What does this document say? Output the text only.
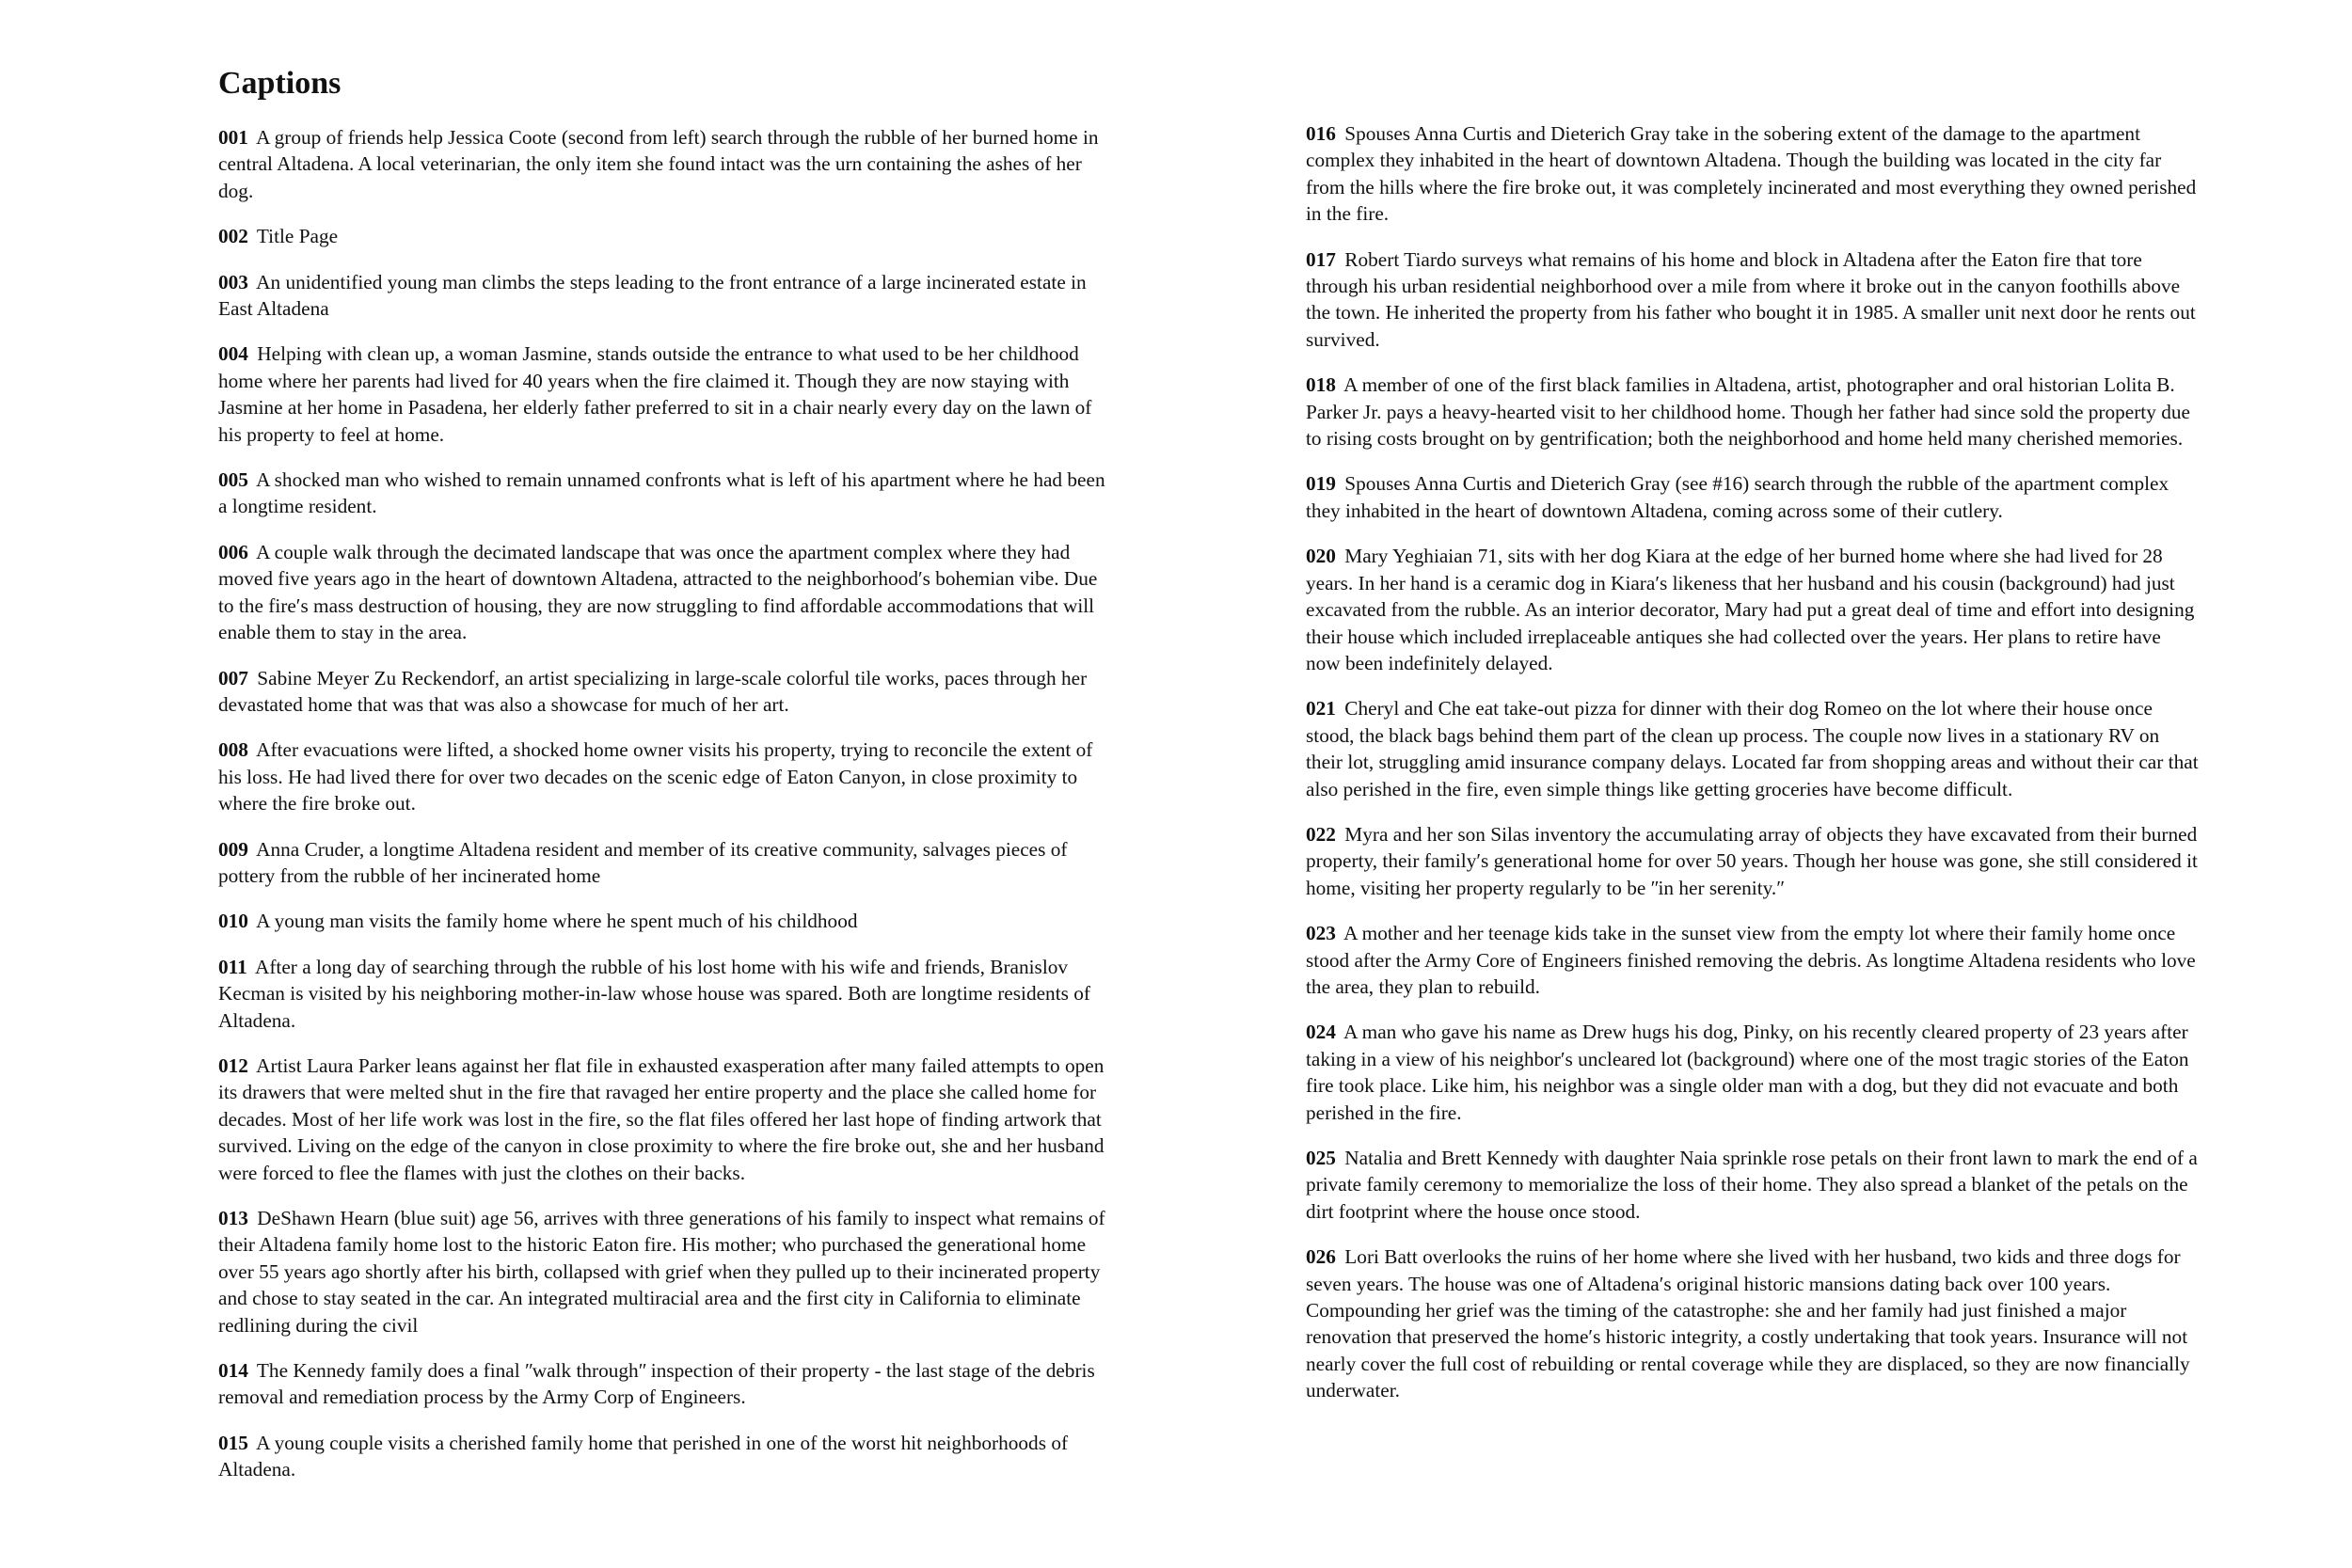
Captions

001 A group of friends help Jessica Coote (second from left) search through the rubble of her burned home in central Altadena. A local veterinarian, the only item she found intact was the urn containing the ashes of her dog.

002 Title Page

003 An unidentified young man climbs the steps leading to the front entrance of a large incinerated estate in East Altadena

004 Helping with clean up, a woman Jasmine, stands outside the entrance to what used to be her childhood home where her parents had lived for 40 years when the fire claimed it. Though they are now staying with Jasmine at her home in Pasadena, her elderly father preferred to sit in a chair nearly every day on the lawn of his property to feel at home.

005 A shocked man who wished to remain unnamed confronts what is left of his apartment where he had been a longtime resident.

006 A couple walk through the decimated landscape that was once the apartment complex where they had moved five years ago in the heart of downtown Altadena, attracted to the neighborhood′s bohemian vibe. Due to the fire′s mass destruction of housing, they are now struggling to find affordable accommodations that will enable them to stay in the area.

007 Sabine Meyer Zu Reckendorf, an artist specializing in large-scale colorful tile works, paces through her devastated home that was that was also a showcase for much of her art.

008 After evacuations were lifted, a shocked home owner visits his property, trying to reconcile the extent of his loss. He had lived there for over two decades on the scenic edge of Eaton Canyon, in close proximity to where the fire broke out.

009 Anna Cruder, a longtime Altadena resident and member of its creative community, salvages pieces of pottery from the rubble of her incinerated home

010 A young man visits the family home where he spent much of his childhood

011 After a long day of searching through the rubble of his lost home with his wife and friends, Branislov Kecman is visited by his neighboring mother-in-law whose house was spared. Both are longtime residents of Altadena.

012 Artist Laura Parker leans against her flat file in exhausted exasperation after many failed attempts to open its drawers that were melted shut in the fire that ravaged her entire property and the place she called home for decades. Most of her life work was lost in the fire, so the flat files offered her last hope of finding artwork that survived. Living on the edge of the canyon in close proximity to where the fire broke out, she and her husband were forced to flee the flames with just the clothes on their backs.

013 DeShawn Hearn (blue suit) age 56, arrives with three generations of his family to inspect what remains of their Altadena family home lost to the historic Eaton fire. His mother; who purchased the generational home over 55 years ago shortly after his birth, collapsed with grief when they pulled up to their incinerated property and chose to stay seated in the car. An integrated multiracial area and the first city in California to eliminate redlining during the civil

014 The Kennedy family does a final ʺwalk throughʺ inspection of their property - the last stage of the debris removal and remediation process by the Army Corp of Engineers.

015 A young couple visits a cherished family home that perished in one of the worst hit neighborhoods of Altadena.

016 Spouses Anna Curtis and Dieterich Gray take in the sobering extent of the damage to the apartment complex they inhabited in the heart of downtown Altadena. Though the building was located in the city far from the hills where the fire broke out, it was completely incinerated and most everything they owned perished in the fire.

017 Robert Tiardo surveys what remains of his home and block in Altadena after the Eaton fire that tore through his urban residential neighborhood over a mile from where it broke out in the canyon foothills above the town. He inherited the property from his father who bought it in 1985. A smaller unit next door he rents out survived.

018 A member of one of the first black families in Altadena, artist, photographer and oral historian Lolita B. Parker Jr. pays a heavy-hearted visit to her childhood home. Though her father had since sold the property due to rising costs brought on by gentrification; both the neighborhood and home held many cherished memories.

019 Spouses Anna Curtis and Dieterich Gray (see #16) search through the rubble of the apartment complex they inhabited in the heart of downtown Altadena, coming across some of their cutlery.

020 Mary Yeghiaian 71, sits with her dog Kiara at the edge of her burned home where she had lived for 28 years. In her hand is a ceramic dog in Kiara′s likeness that her husband and his cousin (background) had just excavated from the rubble. As an interior decorator, Mary had put a great deal of time and effort into designing their house which included irreplaceable antiques she had collected over the years. Her plans to retire have now been indefinitely delayed.

021 Cheryl and Che eat take-out pizza for dinner with their dog Romeo on the lot where their house once stood, the black bags behind them part of the clean up process. The couple now lives in a stationary RV on their lot, struggling amid insurance company delays. Located far from shopping areas and without their car that also perished in the fire, even simple things like getting groceries have become difficult.

022 Myra and her son Silas inventory the accumulating array of objects they have excavated from their burned property, their family′s generational home for over 50 years. Though her house was gone, she still considered it home, visiting her property regularly to be ʺin her serenity.ʺ

023 A mother and her teenage kids take in the sunset view from the empty lot where their family home once stood after the Army Core of Engineers finished removing the debris. As longtime Altadena residents who love the area, they plan to rebuild.

024 A man who gave his name as Drew hugs his dog, Pinky, on his recently cleared property of 23 years after taking in a view of his neighbor′s uncleared lot (background) where one of the most tragic stories of the Eaton fire took place. Like him, his neighbor was a single older man with a dog, but they did not evacuate and both perished in the fire.

025 Natalia and Brett Kennedy with daughter Naia sprinkle rose petals on their front lawn to mark the end of a private family ceremony to memorialize the loss of their home. They also spread a blanket of the petals on the dirt footprint where the house once stood.

026 Lori Batt overlooks the ruins of her home where she lived with her husband, two kids and three dogs for seven years. The house was one of Altadena′s original historic mansions dating back over 100 years. Compounding her grief was the timing of the catastrophe: she and her family had just finished a major renovation that preserved the home′s historic integrity, a costly undertaking that took years. Insurance will not nearly cover the full cost of rebuilding or rental coverage while they are displaced, so they are now financially underwater.
